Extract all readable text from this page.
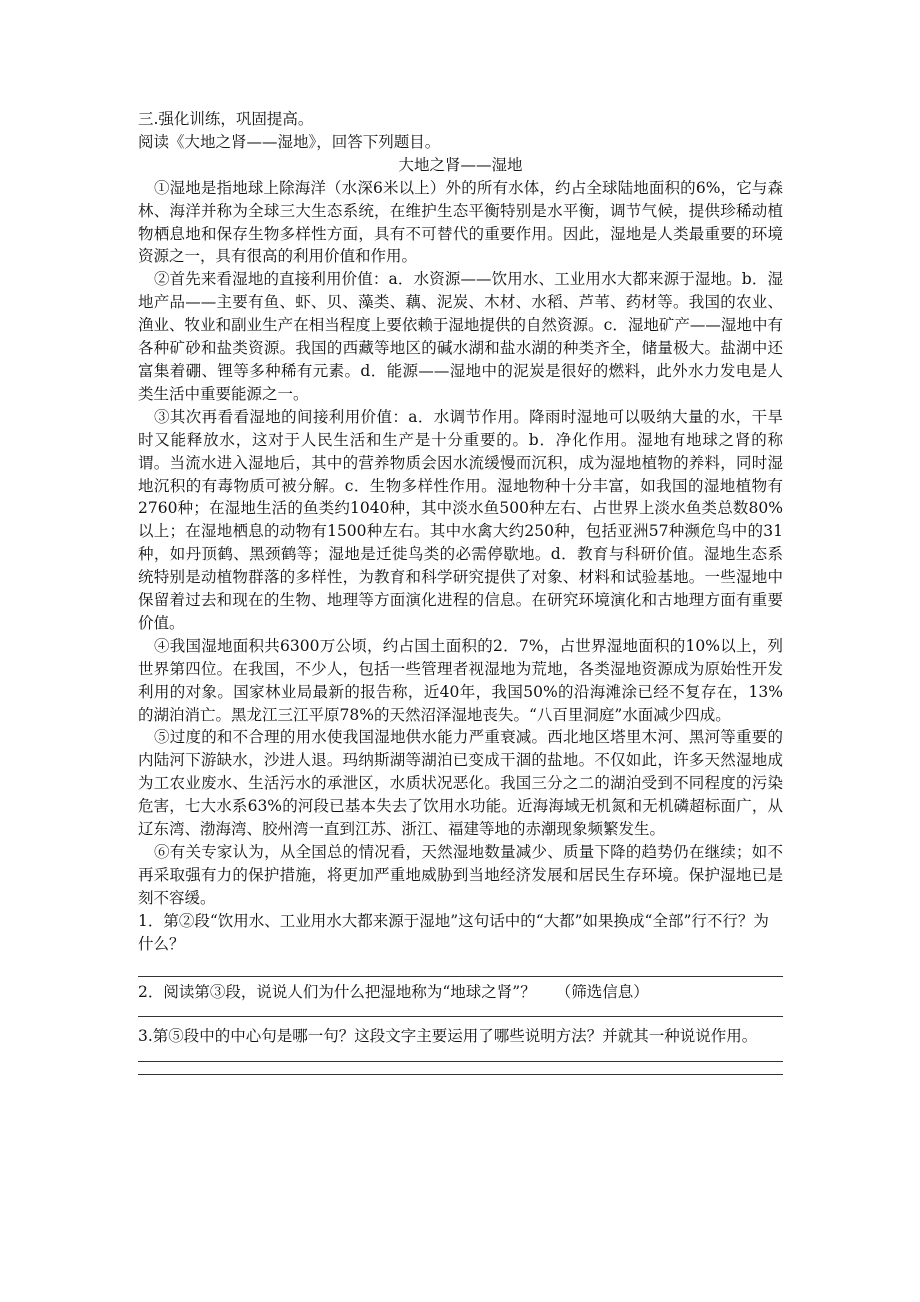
三.强化训练，巩固提高。

阅读《大地之肾——湿地》，回答下列题目。

大地之肾——湿地

①湿地是指地球上除海洋（水深6米以上）外的所有水体，约占全球陆地面积的6%，它与森林、海洋并称为全球三大生态系统，在维护生态平衡特别是水平衡，调节气候，提供珍稀动植物栖息地和保存生物多样性方面，具有不可替代的重要作用。因此，湿地是人类最重要的环境资源之一，具有很高的利用价值和作用。

②首先来看湿地的直接利用价值：a．水资源——饮用水、工业用水大都来源于湿地。b．湿地产品——主要有鱼、虾、贝、藻类、藕、泥炭、木材、水稻、芦苇、药材等。我国的农业、渔业、牧业和副业生产在相当程度上要依赖于湿地提供的自然资源。c．湿地矿产——湿地中有各种矿砂和盐类资源。我国的西藏等地区的碱水湖和盐水湖的种类齐全，储量极大。盐湖中还富集着硼、锂等多种稀有元素。d．能源——湿地中的泥炭是很好的燃料，此外水力发电是人类生活中重要能源之一。

③其次再看看湿地的间接利用价值：a．水调节作用。降雨时湿地可以吸纳大量的水，干旱时又能释放水，这对于人民生活和生产是十分重要的。b．净化作用。湿地有地球之肾的称谓。当流水进入湿地后，其中的营养物质会因水流缓慢而沉积，成为湿地植物的养料，同时湿地沉积的有毒物质可被分解。c．生物多样性作用。湿地物种十分丰富，如我国的湿地植物有2760种；在湿地生活的鱼类约1040种，其中淡水鱼500种左右、占世界上淡水鱼类总数80%以上；在湿地栖息的动物有1500种左右。其中水禽大约250种，包括亚洲57种濒危鸟中的31种，如丹顶鹤、黑颈鹤等；湿地是迁徙鸟类的必需停歇地。d．教育与科研价值。湿地生态系统特别是动植物群落的多样性，为教育和科学研究提供了对象、材料和试验基地。一些湿地中保留着过去和现在的生物、地理等方面演化进程的信息。在研究环境演化和古地理方面有重要价值。

④我国湿地面积共6300万公顷，约占国土面积的2．7%，占世界湿地面积的10%以上，列世界第四位。在我国，不少人，包括一些管理者视湿地为荒地，各类湿地资源成为原始性开发利用的对象。国家林业局最新的报告称，近40年，我国50%的沿海滩涂已经不复存在，13%的湖泊消亡。黑龙江三江平原78%的天然沼泽湿地丧失。“八百里洞庭”水面减少四成。

⑤过度的和不合理的用水使我国湿地供水能力严重衰减。西北地区塔里木河、黑河等重要的内陆河下游缺水，沙进人退。玛纳斯湖等湖泊已变成干涸的盐地。不仅如此，许多天然湿地成为工农业废水、生活污水的承泄区，水质状况恶化。我国三分之二的湖泊受到不同程度的污染危害，七大水系63%的河段已基本失去了饮用水功能。近海海域无机氮和无机磷超标面广，从辽东湾、渤海湾、胶州湾一直到江苏、浙江、福建等地的赤潮现象频繁发生。

⑥有关专家认为，从全国总的情况看，天然湿地数量减少、质量下降的趋势仍在继续；如不再采取强有力的保护措施，将更加严重地威胁到当地经济发展和居民生存环境。保护湿地已是刻不容缓。

1．第②段“饮用水、工业用水大都来源于湿地”这句话中的“大都”如果换成“全部”行不行？为什么？

2．阅读第③段，说说人们为什么把湿地称为“地球之肾”？ （筛选信息）

3.第⑤段中的中心句是哪一句？这段文字主要运用了哪些说明方法？并就其一种说说作用。
